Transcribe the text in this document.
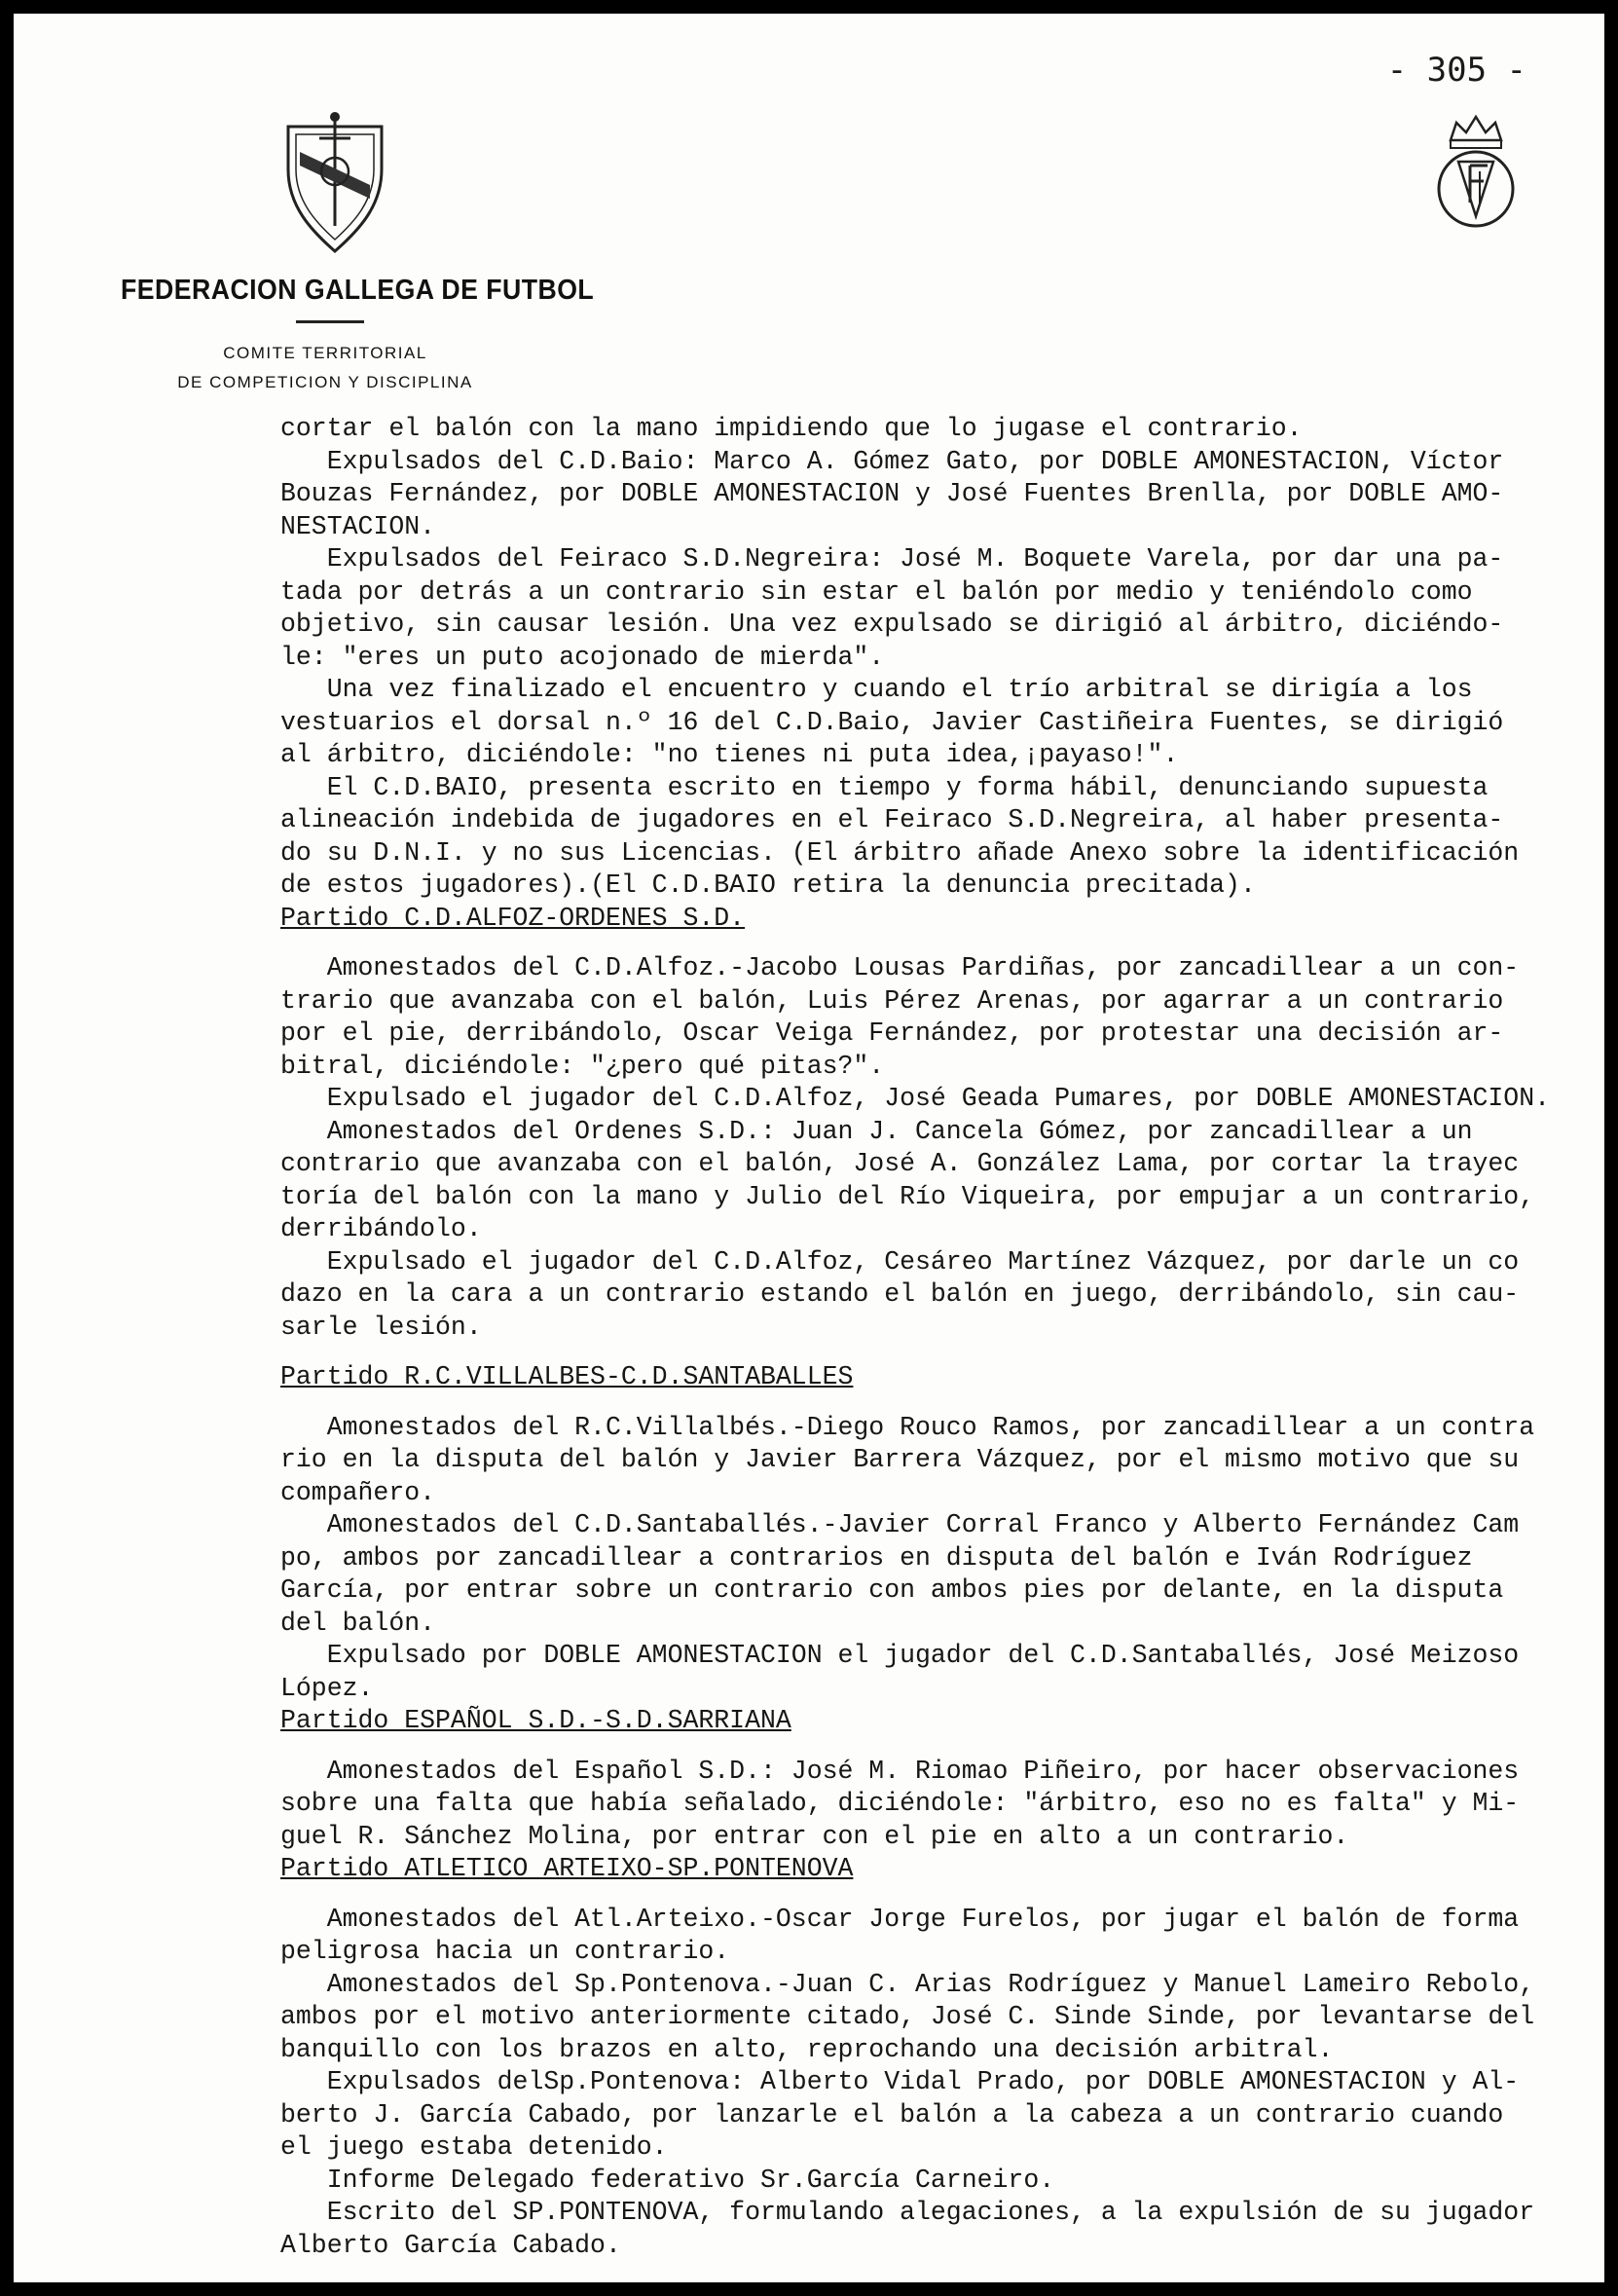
- 305 -
FEDERACION GALLEGA DE FUTBOL
COMITE TERRITORIAL
DE COMPETICION Y DISCIPLINA

cortar el balón con la mano impidiendo que lo jugase el contrario.

Expulsados del C.D.Baio: Marco A. Gómez Gato, por DOBLE AMONESTACION, Víctor

Bouzas Fernández, por DOBLE AMONESTACION y José Fuentes Brenlla, por DOBLE AMO-

NESTACION.

Expulsados del Feiraco S.D.Negreira: José M. Boquete Varela, por dar una pa-

tada por detrás a un contrario sin estar el balón por medio y teniéndolo como

objetivo, sin causar lesión. Una vez expulsado se dirigió al árbitro, diciéndo-

le: "eres un puto acojonado de mierda".

Una vez finalizado el encuentro y cuando el trío arbitral se dirigía a los

vestuarios el dorsal n.º 16 del C.D.Baio, Javier Castiñeira Fuentes, se dirigió

al árbitro, diciéndole: "no tienes ni puta idea,¡payaso!".

El C.D.BAIO, presenta escrito en tiempo y forma hábil, denunciando supuesta

alineación indebida de jugadores en el Feiraco S.D.Negreira, al haber presenta-

do su D.N.I. y no sus Licencias. (El árbitro añade Anexo sobre la identificación

de estos jugadores).(El C.D.BAIO retira la denuncia precitada).

Partido C.D.ALFOZ-ORDENES S.D.

Amonestados del C.D.Alfoz.-Jacobo Lousas Pardiñas, por zancadillear a un con-

trario que avanzaba con el balón, Luis Pérez Arenas, por agarrar a un contrario

por el pie, derribándolo, Oscar Veiga Fernández, por protestar una decisión ar-

bitral, diciéndole: "¿pero qué pitas?".

Expulsado el jugador del C.D.Alfoz, José Geada Pumares, por DOBLE AMONESTACION.

Amonestados del Ordenes S.D.: Juan J. Cancela Gómez, por zancadillear a un

contrario que avanzaba con el balón, José A. González Lama, por cortar la trayec

toría del balón con la mano y Julio del Río Viqueira, por empujar a un contrario,

derribándolo.

Expulsado el jugador del C.D.Alfoz, Cesáreo Martínez Vázquez, por darle un co

dazo en la cara a un contrario estando el balón en juego, derribándolo, sin cau-

sarle lesión.

Partido R.C.VILLALBES-C.D.SANTABALLES

Amonestados del R.C.Villalbés.-Diego Rouco Ramos, por zancadillear a un contra

rio en la disputa del balón y Javier Barrera Vázquez, por el mismo motivo que su

compañero.

Amonestados del C.D.Santaballés.-Javier Corral Franco y Alberto Fernández Cam

po, ambos por zancadillear a contrarios en disputa del balón e Iván Rodríguez

García, por entrar sobre un contrario con ambos pies por delante, en la disputa

del balón.

Expulsado por DOBLE AMONESTACION el jugador del C.D.Santaballés, José Meizoso

López.

Partido ESPAÑOL S.D.-S.D.SARRIANA

Amonestados del Español S.D.: José M. Riomao Piñeiro, por hacer observaciones

sobre una falta que había señalado, diciéndole: "árbitro, eso no es falta" y Mi-

guel R. Sánchez Molina, por entrar con el pie en alto a un contrario.

Partido ATLETICO ARTEIXO-SP.PONTENOVA

Amonestados del Atl.Arteixo.-Oscar Jorge Furelos, por jugar el balón de forma

peligrosa hacia un contrario.

Amonestados del Sp.Pontenova.-Juan C. Arias Rodríguez y Manuel Lameiro Rebolo,

ambos por el motivo anteriormente citado, José C. Sinde Sinde, por levantarse del

banquillo con los brazos en alto, reprochando una decisión arbitral.

Expulsados delSp.Pontenova: Alberto Vidal Prado, por DOBLE AMONESTACION y Al-

berto J. García Cabado, por lanzarle el balón a la cabeza a un contrario cuando

el juego estaba detenido.

Informe Delegado federativo Sr.García Carneiro.

Escrito del SP.PONTENOVA, formulando alegaciones, a la expulsión de su jugador

Alberto García Cabado.
